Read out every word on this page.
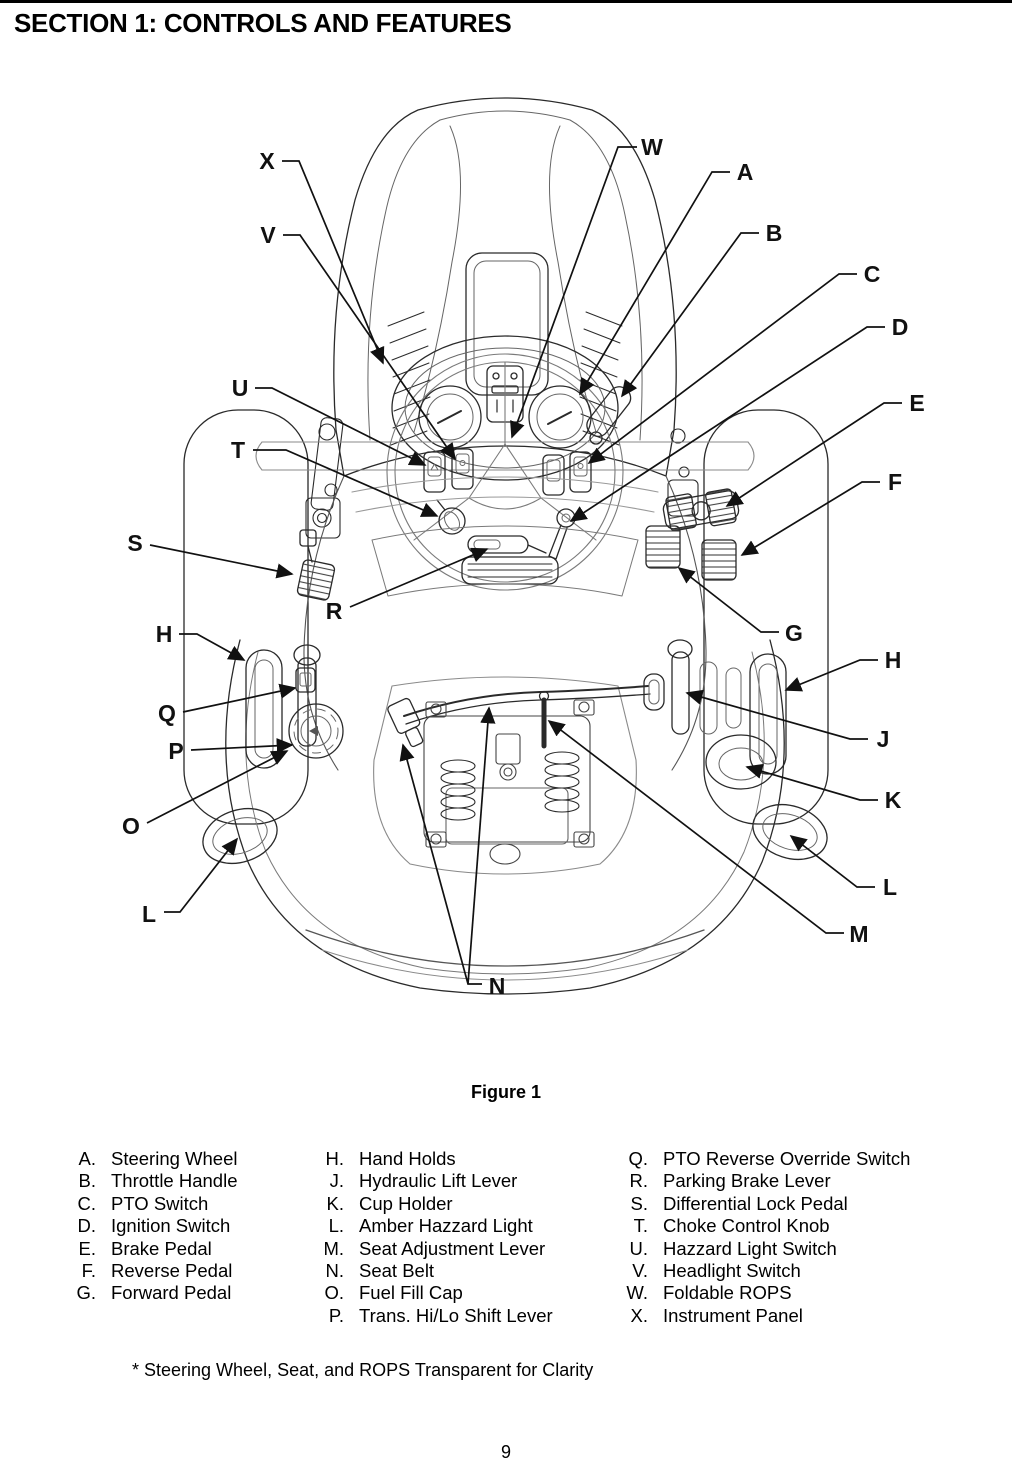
SECTION 1: CONTROLS AND FEATURES
X
V
U
T
S
R
H
Q
P
O
L
N
W
A
B
C
D
E
F
G
H
J
K
L
M
Figure 1
A. Steering Wheel
B. Throttle Handle
C. PTO Switch
D. Ignition Switch
E. Brake Pedal
F. Reverse Pedal
G. Forward Pedal
H. Hand Holds
J. Hydraulic Lift Lever
K. Cup Holder
L. Amber Hazzard Light
M. Seat Adjustment Lever
N. Seat Belt
O. Fuel Fill Cap
P. Trans. Hi/Lo Shift Lever
Q. PTO Reverse Override Switch
R. Parking Brake Lever
S. Differential Lock Pedal
T. Choke Control Knob
U. Hazzard Light Switch
V. Headlight Switch
W. Foldable ROPS
X. Instrument Panel
* Steering Wheel, Seat, and ROPS Transparent for Clarity
9
